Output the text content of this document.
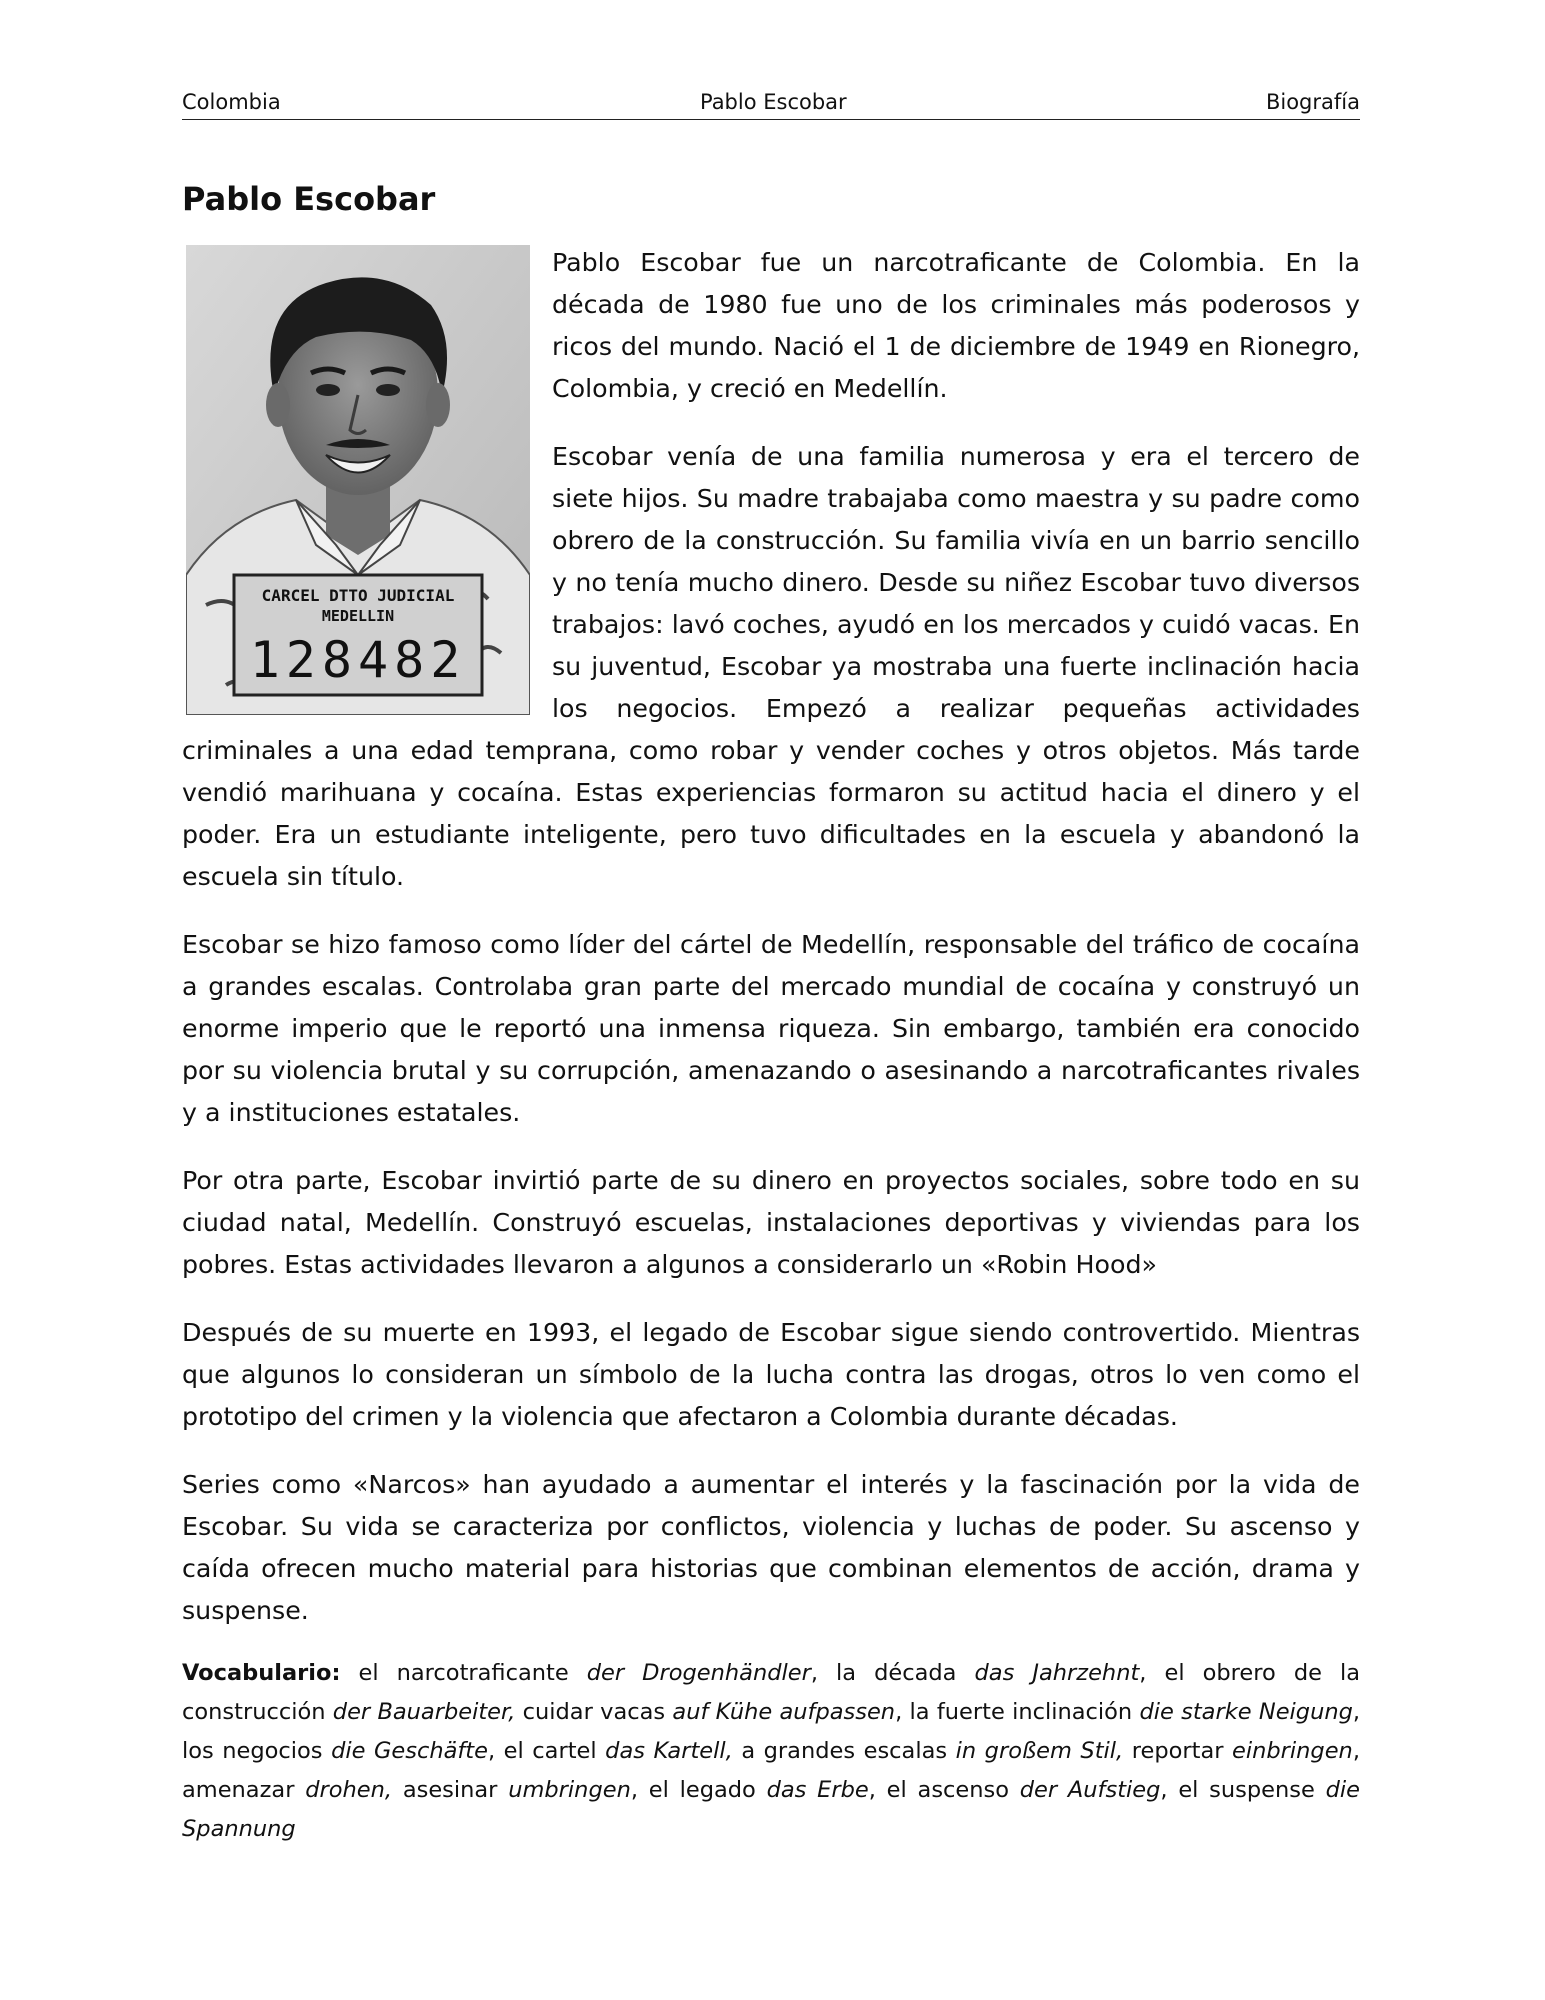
Colombia	Pablo Escobar	Biografía
Pablo Escobar
CARCEL DTTO JUDICIAL
MEDELLIN
128482

Pablo Escobar fue un narcotraficante de Colombia. En la década de 1980 fue uno de los criminales más poderosos y ricos del mundo. Nació el 1 de diciembre de 1949 en Rionegro, Colombia, y creció en Medellín.

Escobar venía de una familia numerosa y era el tercero de siete hijos. Su madre trabajaba como maestra y su padre como obrero de la construcción. Su familia vivía en un barrio sencillo y no tenía mucho dinero. Desde su niñez Escobar tuvo diversos trabajos: lavó coches, ayudó en los mercados y cuidó vacas. En su juventud, Escobar ya mostraba una fuerte inclinación hacia los negocios. Empezó a realizar pequeñas actividades criminales a una edad temprana, como robar y vender coches y otros objetos. Más tarde vendió marihuana y cocaína. Estas experiencias formaron su actitud hacia el dinero y el poder. Era un estudiante inteligente, pero tuvo dificultades en la escuela y abandonó la escuela sin título.

Escobar se hizo famoso como líder del cártel de Medellín, responsable del tráfico de cocaína a grandes escalas. Controlaba gran parte del mercado mundial de cocaína y construyó un enorme imperio que le reportó una inmensa riqueza. Sin embargo, también era conocido por su violencia brutal y su corrupción, amenazando o asesinando a narcotraficantes rivales y a instituciones estatales.

Por otra parte, Escobar invirtió parte de su dinero en proyectos sociales, sobre todo en su ciudad natal, Medellín. Construyó escuelas, instalaciones deportivas y viviendas para los pobres. Estas actividades llevaron a algunos a considerarlo un «Robin Hood»

Después de su muerte en 1993, el legado de Escobar sigue siendo controvertido. Mientras que algunos lo consideran un símbolo de la lucha contra las drogas, otros lo ven como el prototipo del crimen y la violencia que afectaron a Colombia durante décadas.

Series como «Narcos» han ayudado a aumentar el interés y la fascinación por la vida de Escobar. Su vida se caracteriza por conflictos, violencia y luchas de poder. Su ascenso y caída ofrecen mucho material para historias que combinan elementos de acción, drama y suspense.

Vocabulario: el narcotraficante der Drogenhändler, la década das Jahrzehnt, el obrero de la construcción der Bauarbeiter, cuidar vacas auf Kühe aufpassen, la fuerte inclinación die starke Neigung, los negocios die Geschäfte, el cartel das Kartell, a grandes escalas in großem Stil, reportar einbringen, amenazar drohen, asesinar umbringen, el legado das Erbe, el ascenso der Aufstieg, el suspense die Spannung
